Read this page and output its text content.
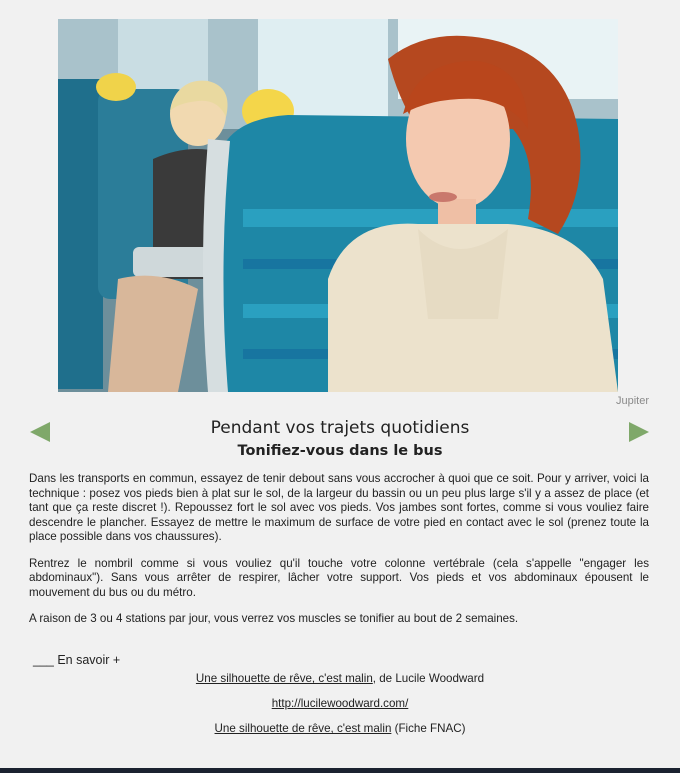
Jupiter
Pendant vos trajets quotidiens
Tonifiez-vous dans le bus

Dans les transports en commun, essayez de tenir debout sans vous accrocher à quoi que ce soit. Pour y arriver, voici la technique : posez vos pieds bien à plat sur le sol, de la largeur du bassin ou un peu plus large s'il y a assez de place (et tant que ça reste discret !). Repoussez fort le sol avec vos pieds. Vos jambes sont fortes, comme si vous vouliez faire descendre le plancher. Essayez de mettre le maximum de surface de votre pied en contact avec le sol (prenez toute la place possible dans vos chaussures).

Rentrez le nombril comme si vous vouliez qu'il touche votre colonne vertébrale (cela s'appelle "engager les abdominaux"). Sans vous arrêter de respirer, lâcher votre support. Vos pieds et vos abdominaux épousent le mouvement du bus ou du métro.

A raison de 3 ou 4 stations par jour, vous verrez vos muscles se tonifier au bout de 2 semaines.

___ En savoir +
Une silhouette de rêve, c'est malin, de Lucile Woodward
http://lucilewoodward.com/
Une silhouette de rêve, c'est malin (Fiche FNAC)
